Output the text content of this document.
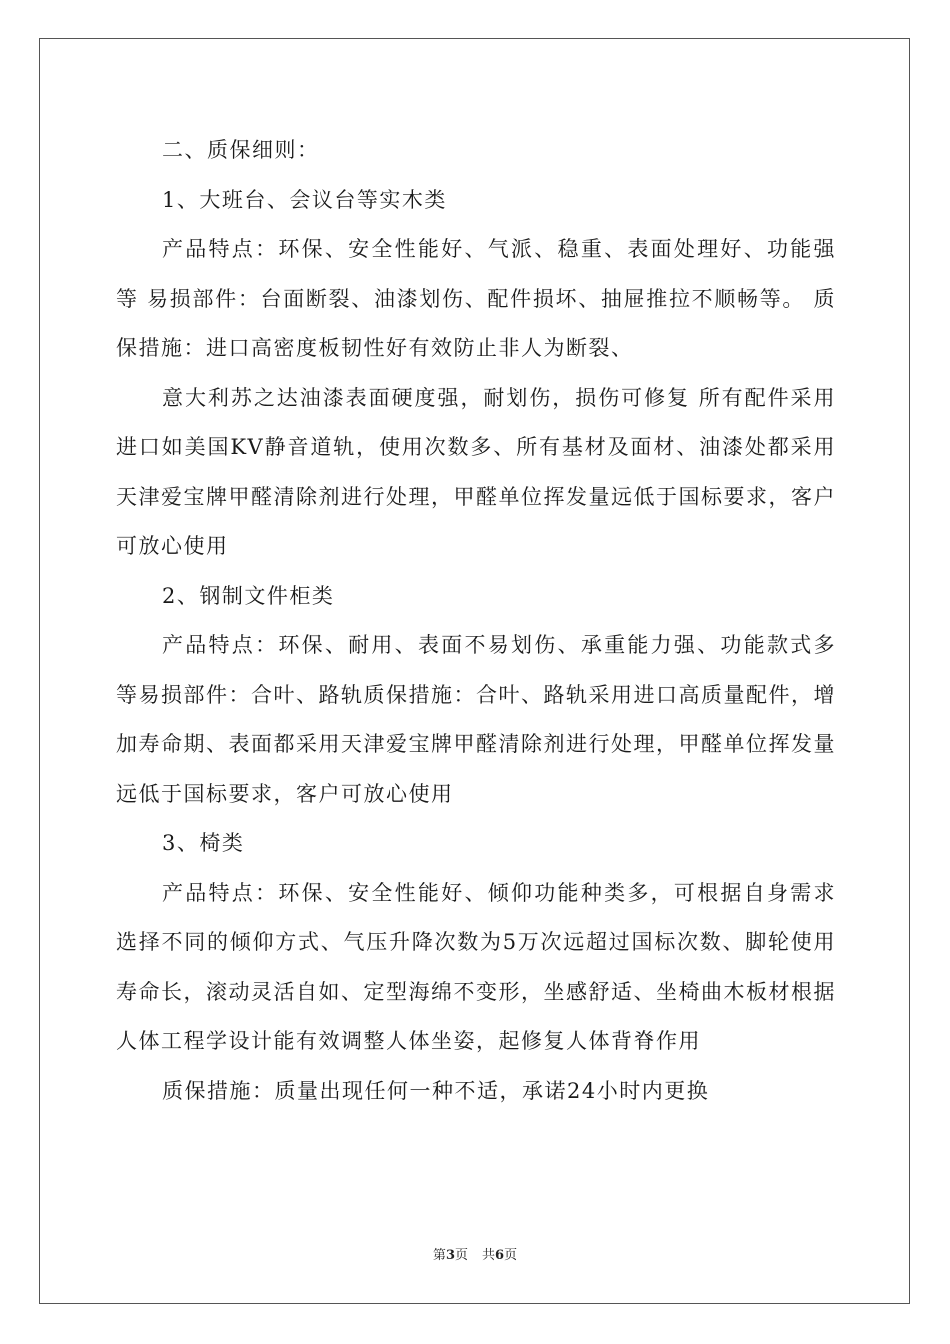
二、质保细则：

1、大班台、会议台等实木类

产品特点：环保、安全性能好、气派、稳重、表面处理好、功能强等 易损部件：台面断裂、油漆划伤、配件损坏、抽屉推拉不顺畅等。 质保措施：进口高密度板韧性好有效防止非人为断裂、

意大利苏之达油漆表面硬度强，耐划伤，损伤可修复 所有配件采用进口如美国KV静音道轨，使用次数多、所有基材及面材、油漆处都采用天津爱宝牌甲醛清除剂进行处理，甲醛单位挥发量远低于国标要求，客户可放心使用

2、钢制文件柜类

产品特点：环保、耐用、表面不易划伤、承重能力强、功能款式多等易损部件：合叶、路轨质保措施：合叶、路轨采用进口高质量配件，增加寿命期、表面都采用天津爱宝牌甲醛清除剂进行处理，甲醛单位挥发量远低于国标要求，客户可放心使用

3、椅类

产品特点：环保、安全性能好、倾仰功能种类多，可根据自身需求选择不同的倾仰方式、气压升降次数为5万次远超过国标次数、脚轮使用寿命长，滚动灵活自如、定型海绵不变形，坐感舒适、坐椅曲木板材根据人体工程学设计能有效调整人体坐姿，起修复人体背脊作用

质保措施：质量出现任何一种不适，承诺24小时内更换

第3页 共6页
